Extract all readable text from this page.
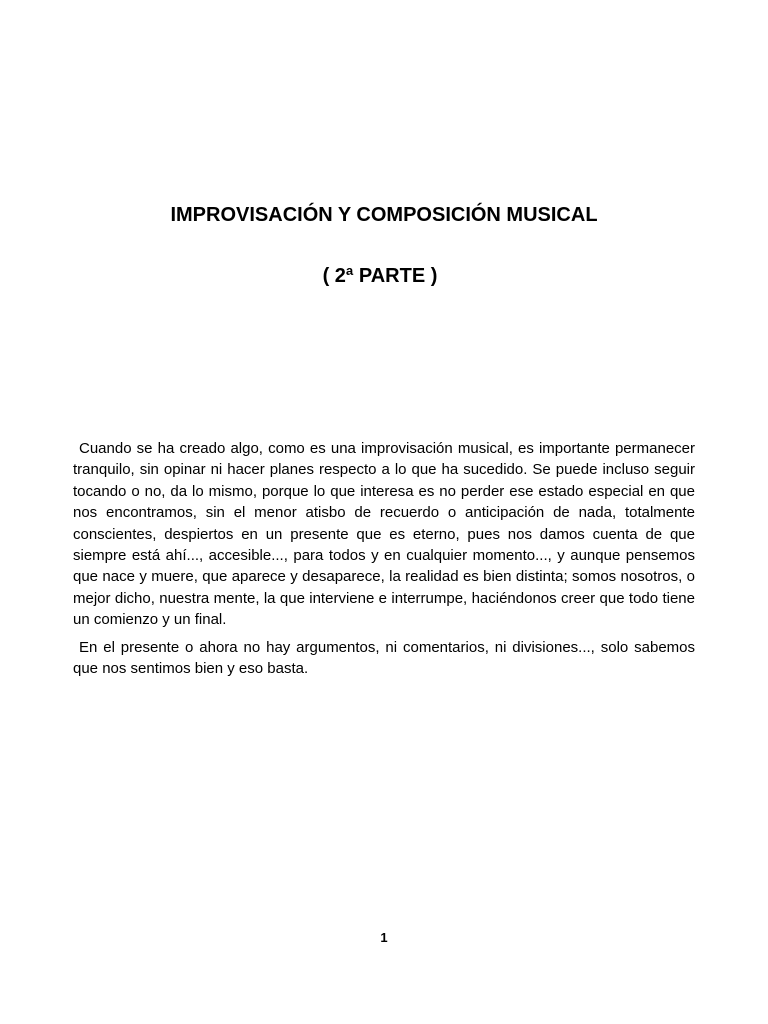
IMPROVISACIÓN Y COMPOSICIÓN MUSICAL
( 2ª PARTE )

Cuando se ha creado algo, como es una improvisación musical, es importante permanecer tranquilo, sin opinar ni hacer planes respecto a lo que ha sucedido. Se puede incluso seguir tocando o no, da lo mismo, porque lo que interesa es no perder ese estado especial en que nos encontramos, sin el menor atisbo de recuerdo o anticipación de nada, totalmente conscientes, despiertos en un presente que es eterno, pues nos damos cuenta de que siempre está ahí..., accesible..., para todos y en cualquier momento..., y aunque pensemos que nace y muere, que aparece y desaparece, la realidad es bien distinta; somos nosotros, o mejor dicho, nuestra mente, la que interviene e interrumpe, haciéndonos creer que todo tiene un comienzo y un final.

En el presente o ahora no hay argumentos, ni comentarios, ni divisiones..., solo sabemos que nos sentimos bien y eso basta.

1
